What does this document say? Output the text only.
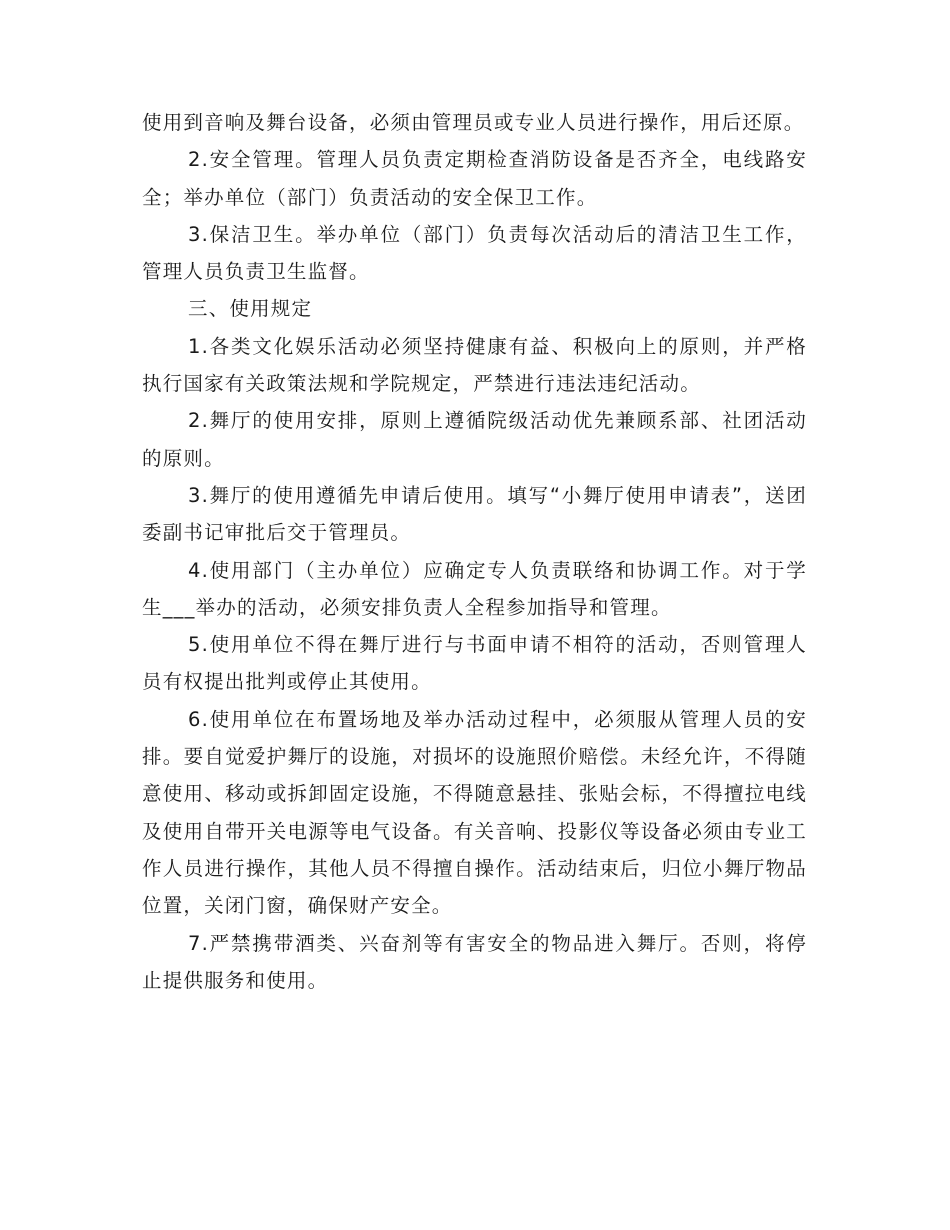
使用到音响及舞台设备，必须由管理员或专业人员进行操作，用后还原。

2.安全管理。管理人员负责定期检查消防设备是否齐全，电线路安全；举办单位（部门）负责活动的安全保卫工作。

3.保洁卫生。举办单位（部门）负责每次活动后的清洁卫生工作，管理人员负责卫生监督。

三、使用规定

1.各类文化娱乐活动必须坚持健康有益、积极向上的原则，并严格执行国家有关政策法规和学院规定，严禁进行违法违纪活动。

2.舞厅的使用安排，原则上遵循院级活动优先兼顾系部、社团活动的原则。

3.舞厅的使用遵循先申请后使用。填写“小舞厅使用申请表”，送团委副书记审批后交于管理员。

4.使用部门（主办单位）应确定专人负责联络和协调工作。对于学生___举办的活动，必须安排负责人全程参加指导和管理。

5.使用单位不得在舞厅进行与书面申请不相符的活动，否则管理人员有权提出批判或停止其使用。

6.使用单位在布置场地及举办活动过程中，必须服从管理人员的安排。要自觉爱护舞厅的设施，对损坏的设施照价赔偿。未经允许，不得随意使用、移动或拆卸固定设施，不得随意悬挂、张贴会标，不得擅拉电线及使用自带开关电源等电气设备。有关音响、投影仪等设备必须由专业工作人员进行操作，其他人员不得擅自操作。活动结束后，归位小舞厅物品位置，关闭门窗，确保财产安全。

7.严禁携带酒类、兴奋剂等有害安全的物品进入舞厅。否则，将停止提供服务和使用。
